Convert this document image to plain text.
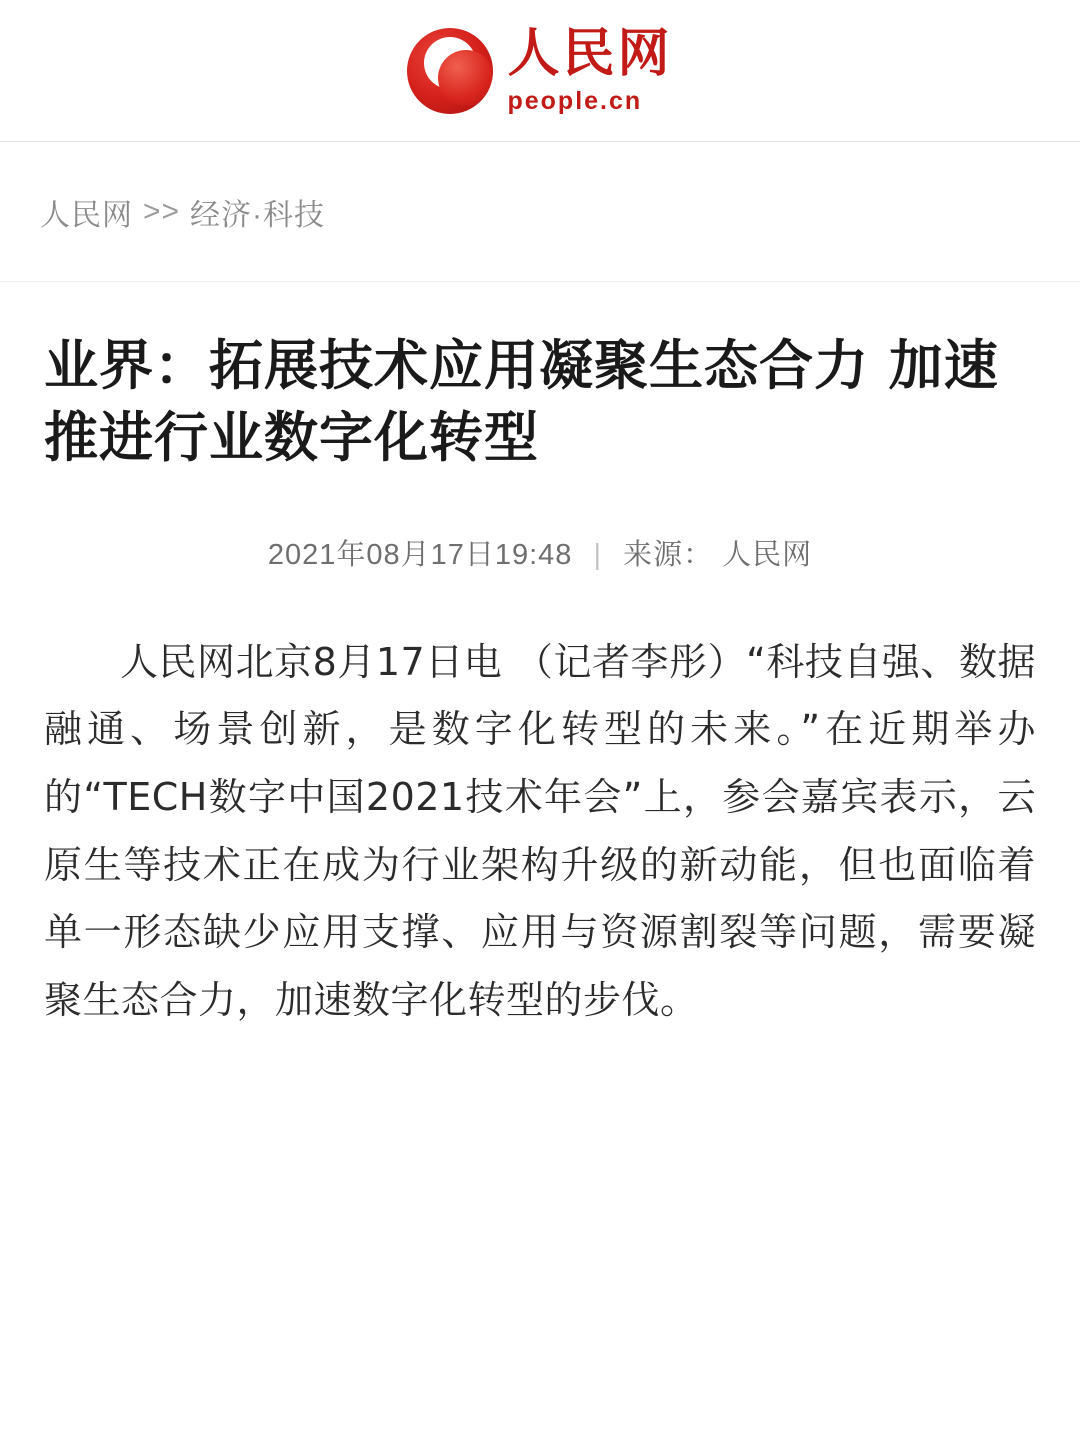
人民网
people.cn
人民网 >> 经济·科技
业界：拓展技术应用凝聚生态合力 加速推进行业数字化转型
2021年08月17日19:48 | 来源： 人民网

人民网北京8月17日电 （记者李彤）“科技自强、数据融通、场景创新，是数字化转型的未来。”在近期举办的“TECH数字中国2021技术年会”上，参会嘉宾表示，云原生等技术正在成为行业架构升级的新动能，但也面临着单一形态缺少应用支撑、应用与资源割裂等问题，需要凝聚生态合力，加速数字化转型的步伐。
